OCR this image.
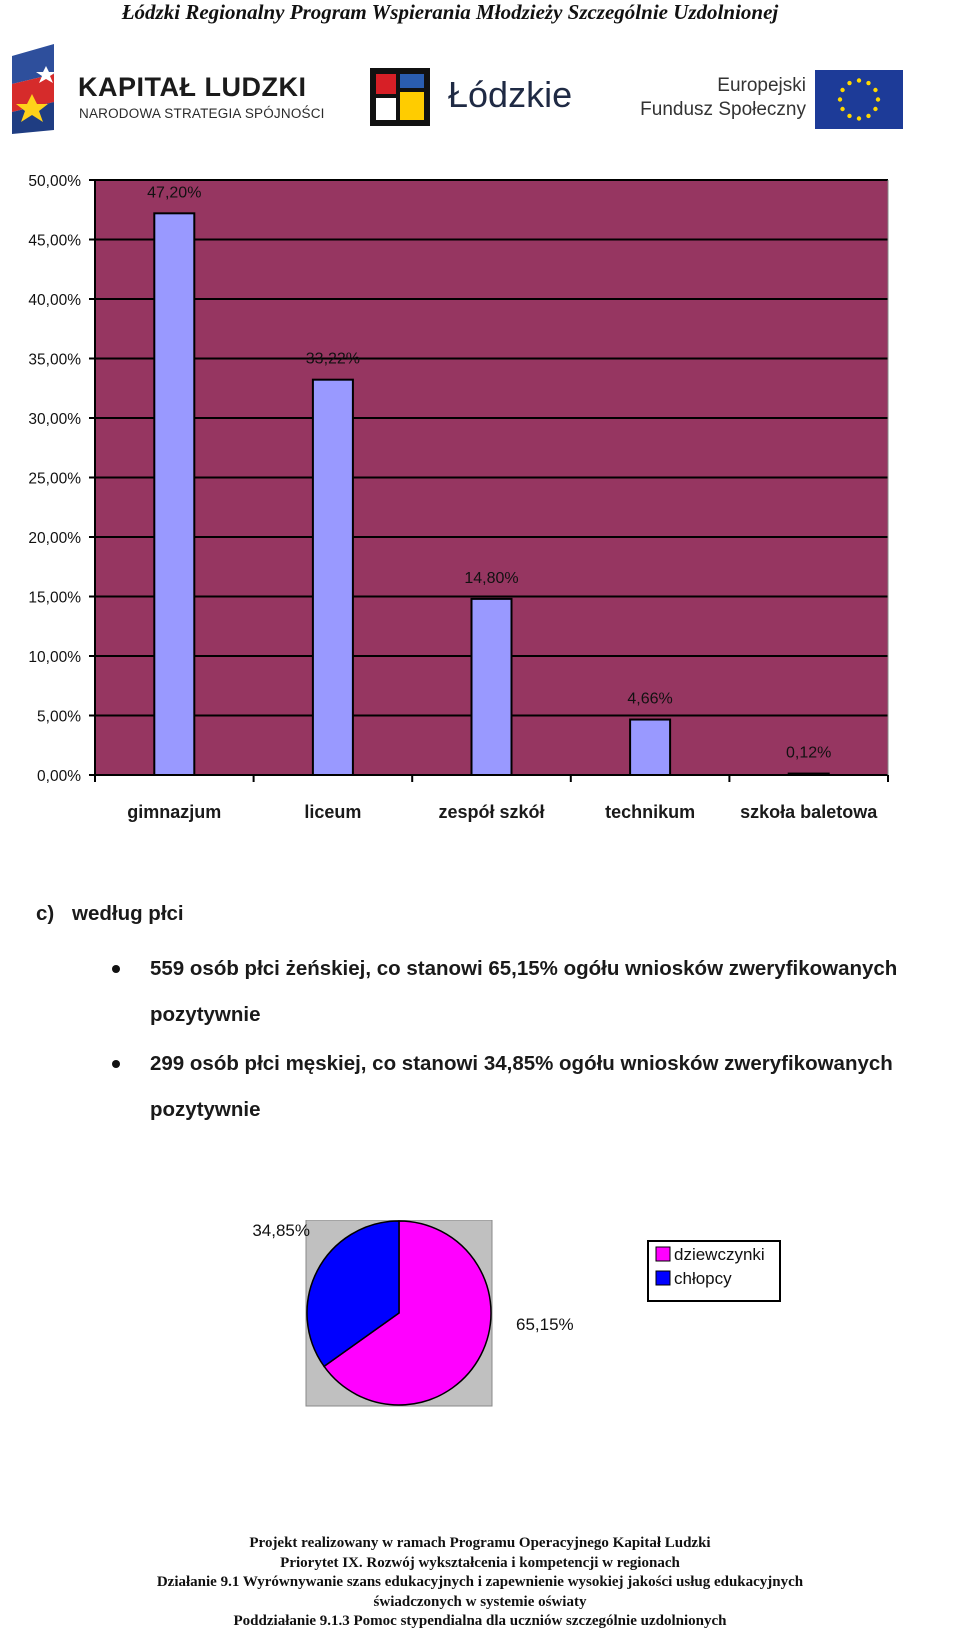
Łódzki Regionalny Program Wspierania Młodzieży Szczególnie Uzdolnionej
KAPITAŁ LUDZKI
NARODOWA STRATEGIA SPÓJNOŚCI	Łódzkie	Europejski
Fundusz Społeczny
0,00%
5,00%
10,00%
15,00%
20,00%
25,00%
30,00%
35,00%
40,00%
45,00%
50,00%
47,20%
gimnazjum
33,22%
liceum
14,80%
zespół szkół
4,66%
technikum
0,12%
szkoła baletowa
c) według płci
559 osób płci żeńskiej, co stanowi 65,15% ogółu wniosków zweryfikowanych
pozytywnie
299 osób płci męskiej, co stanowi 34,85% ogółu wniosków zweryfikowanych
pozytywnie
65,15%
34,85%
dziewczynki
chłopcy
Projekt realizowany w ramach Programu Operacyjnego Kapitał Ludzki
Priorytet IX. Rozwój wykształcenia i kompetencji w regionach
Działanie 9.1 Wyrównywanie szans edukacyjnych i zapewnienie wysokiej jakości usług edukacyjnych
świadczonych w systemie oświaty
Poddziałanie 9.1.3 Pomoc stypendialna dla uczniów szczególnie uzdolnionych
